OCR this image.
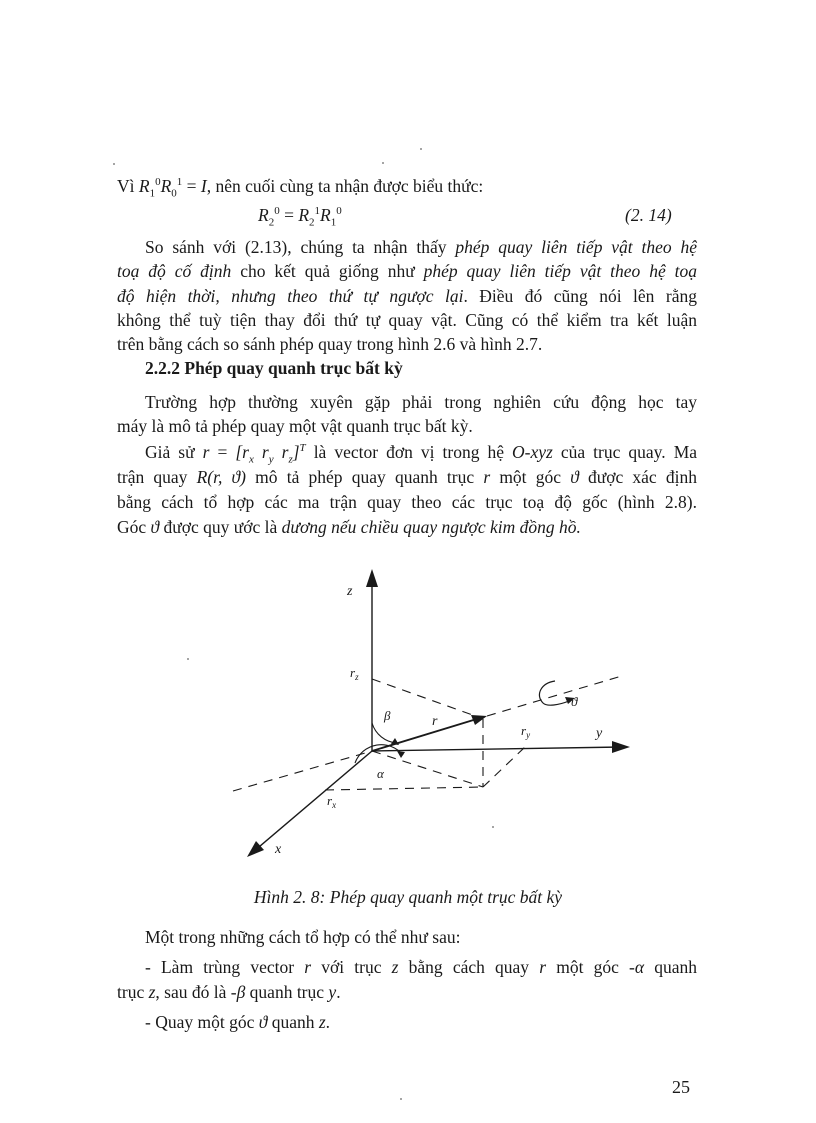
Vì $R_1^0R_0^1 = I$, nên cuối cùng ta nhận được biểu thức:
$R_2^0 = R_2^1R_1^0$	(2. 14)
So sánh với (2.13), chúng ta nhận thấy phép quay liên tiếp vật theo hệ
toạ độ cố định cho kết quả giống như phép quay liên tiếp vật theo hệ toạ
độ hiện thời, nhưng theo thứ tự ngược lại. Điều đó cũng nói lên rằng
không thể tuỳ tiện thay đổi thứ tự quay vật. Cũng có thể kiểm tra kết luận
trên bằng cách so sánh phép quay trong hình 2.6 và hình 2.7.
2.2.2 Phép quay quanh trục bất kỳ
Trường hợp thường xuyên gặp phải trong nghiên cứu động học tay
máy là mô tả phép quay một vật quanh trục bất kỳ.
Giả sử $r = [r_x$ $r_y$ $r_z]^T$ là vector đơn vị trong hệ O-xyz của trục quay. Ma
trận quay R(r, ϑ) mô tả phép quay quanh trục r một góc ϑ được xác định
bằng cách tổ hợp các ma trận quay theo các trục toạ độ gốc (hình 2.8).
Góc ϑ được quy ước là dương nếu chiều quay ngược kim đồng hồ.
z
y
x
r
β
α
ϑ
$r_z$
$r_y$
$r_x$
Hình 2. 8: Phép quay quanh một trục bất kỳ
Một trong những cách tổ hợp có thể như sau:
- Làm trùng vector r với trục z bằng cách quay r một góc -α quanh
trục z, sau đó là -β quanh trục y.
- Quay một góc ϑ quanh z.
25
